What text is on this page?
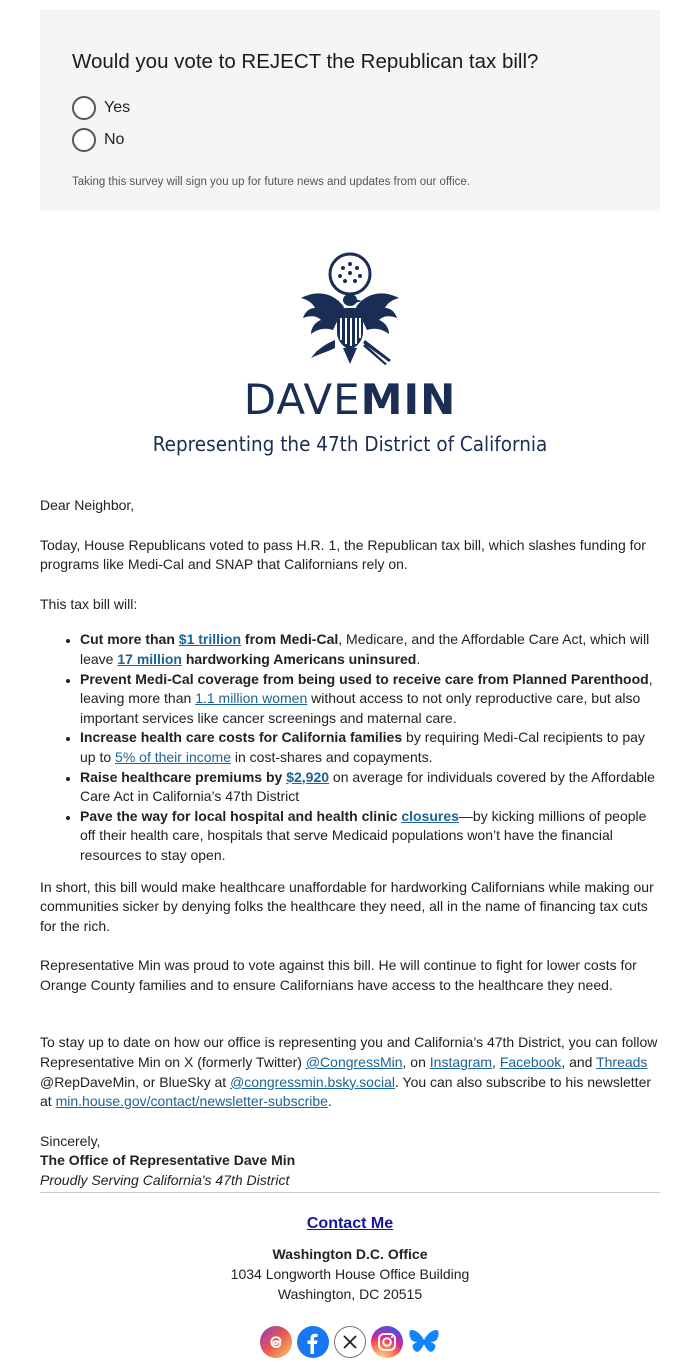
Would you vote to REJECT the Republican tax bill?
Yes
No
Taking this survey will sign you up for future news and updates from our office.
DAVEMIN
Representing the 47th District of California

Dear Neighbor,

Today, House Republicans voted to pass H.R. 1, the Republican tax bill, which slashes funding for programs like Medi-Cal and SNAP that Californians rely on.

This tax bill will:

• Cut more than $1 trillion from Medi-Cal, Medicare, and the Affordable Care Act, which will leave 17 million hardworking Americans uninsured.
• Prevent Medi-Cal coverage from being used to receive care from Planned Parenthood, leaving more than 1.1 million women without access to not only reproductive care, but also important services like cancer screenings and maternal care.
• Increase health care costs for California families by requiring Medi-Cal recipients to pay up to 5% of their income in cost-shares and copayments.
• Raise healthcare premiums by $2,920 on average for individuals covered by the Affordable Care Act in California’s 47th District
• Pave the way for local hospital and health clinic closures—by kicking millions of people off their health care, hospitals that serve Medicaid populations won’t have the financial resources to stay open.

In short, this bill would make healthcare unaffordable for hardworking Californians while making our communities sicker by denying folks the healthcare they need, all in the name of financing tax cuts for the rich.

Representative Min was proud to vote against this bill. He will continue to fight for lower costs for Orange County families and to ensure Californians have access to the healthcare they need.

To stay up to date on how our office is representing you and California’s 47th District, you can follow Representative Min on X (formerly Twitter) @CongressMin, on Instagram, Facebook, and Threads @RepDaveMin, or BlueSky at @congressmin.bsky.social. You can also subscribe to his newsletter at min.house.gov/contact/newsletter-subscribe.

Sincerely,
The Office of Representative Dave Min
Proudly Serving California's 47th District
Contact Me
Washington D.C. Office
1034 Longworth House Office Building
Washington, DC 20515
